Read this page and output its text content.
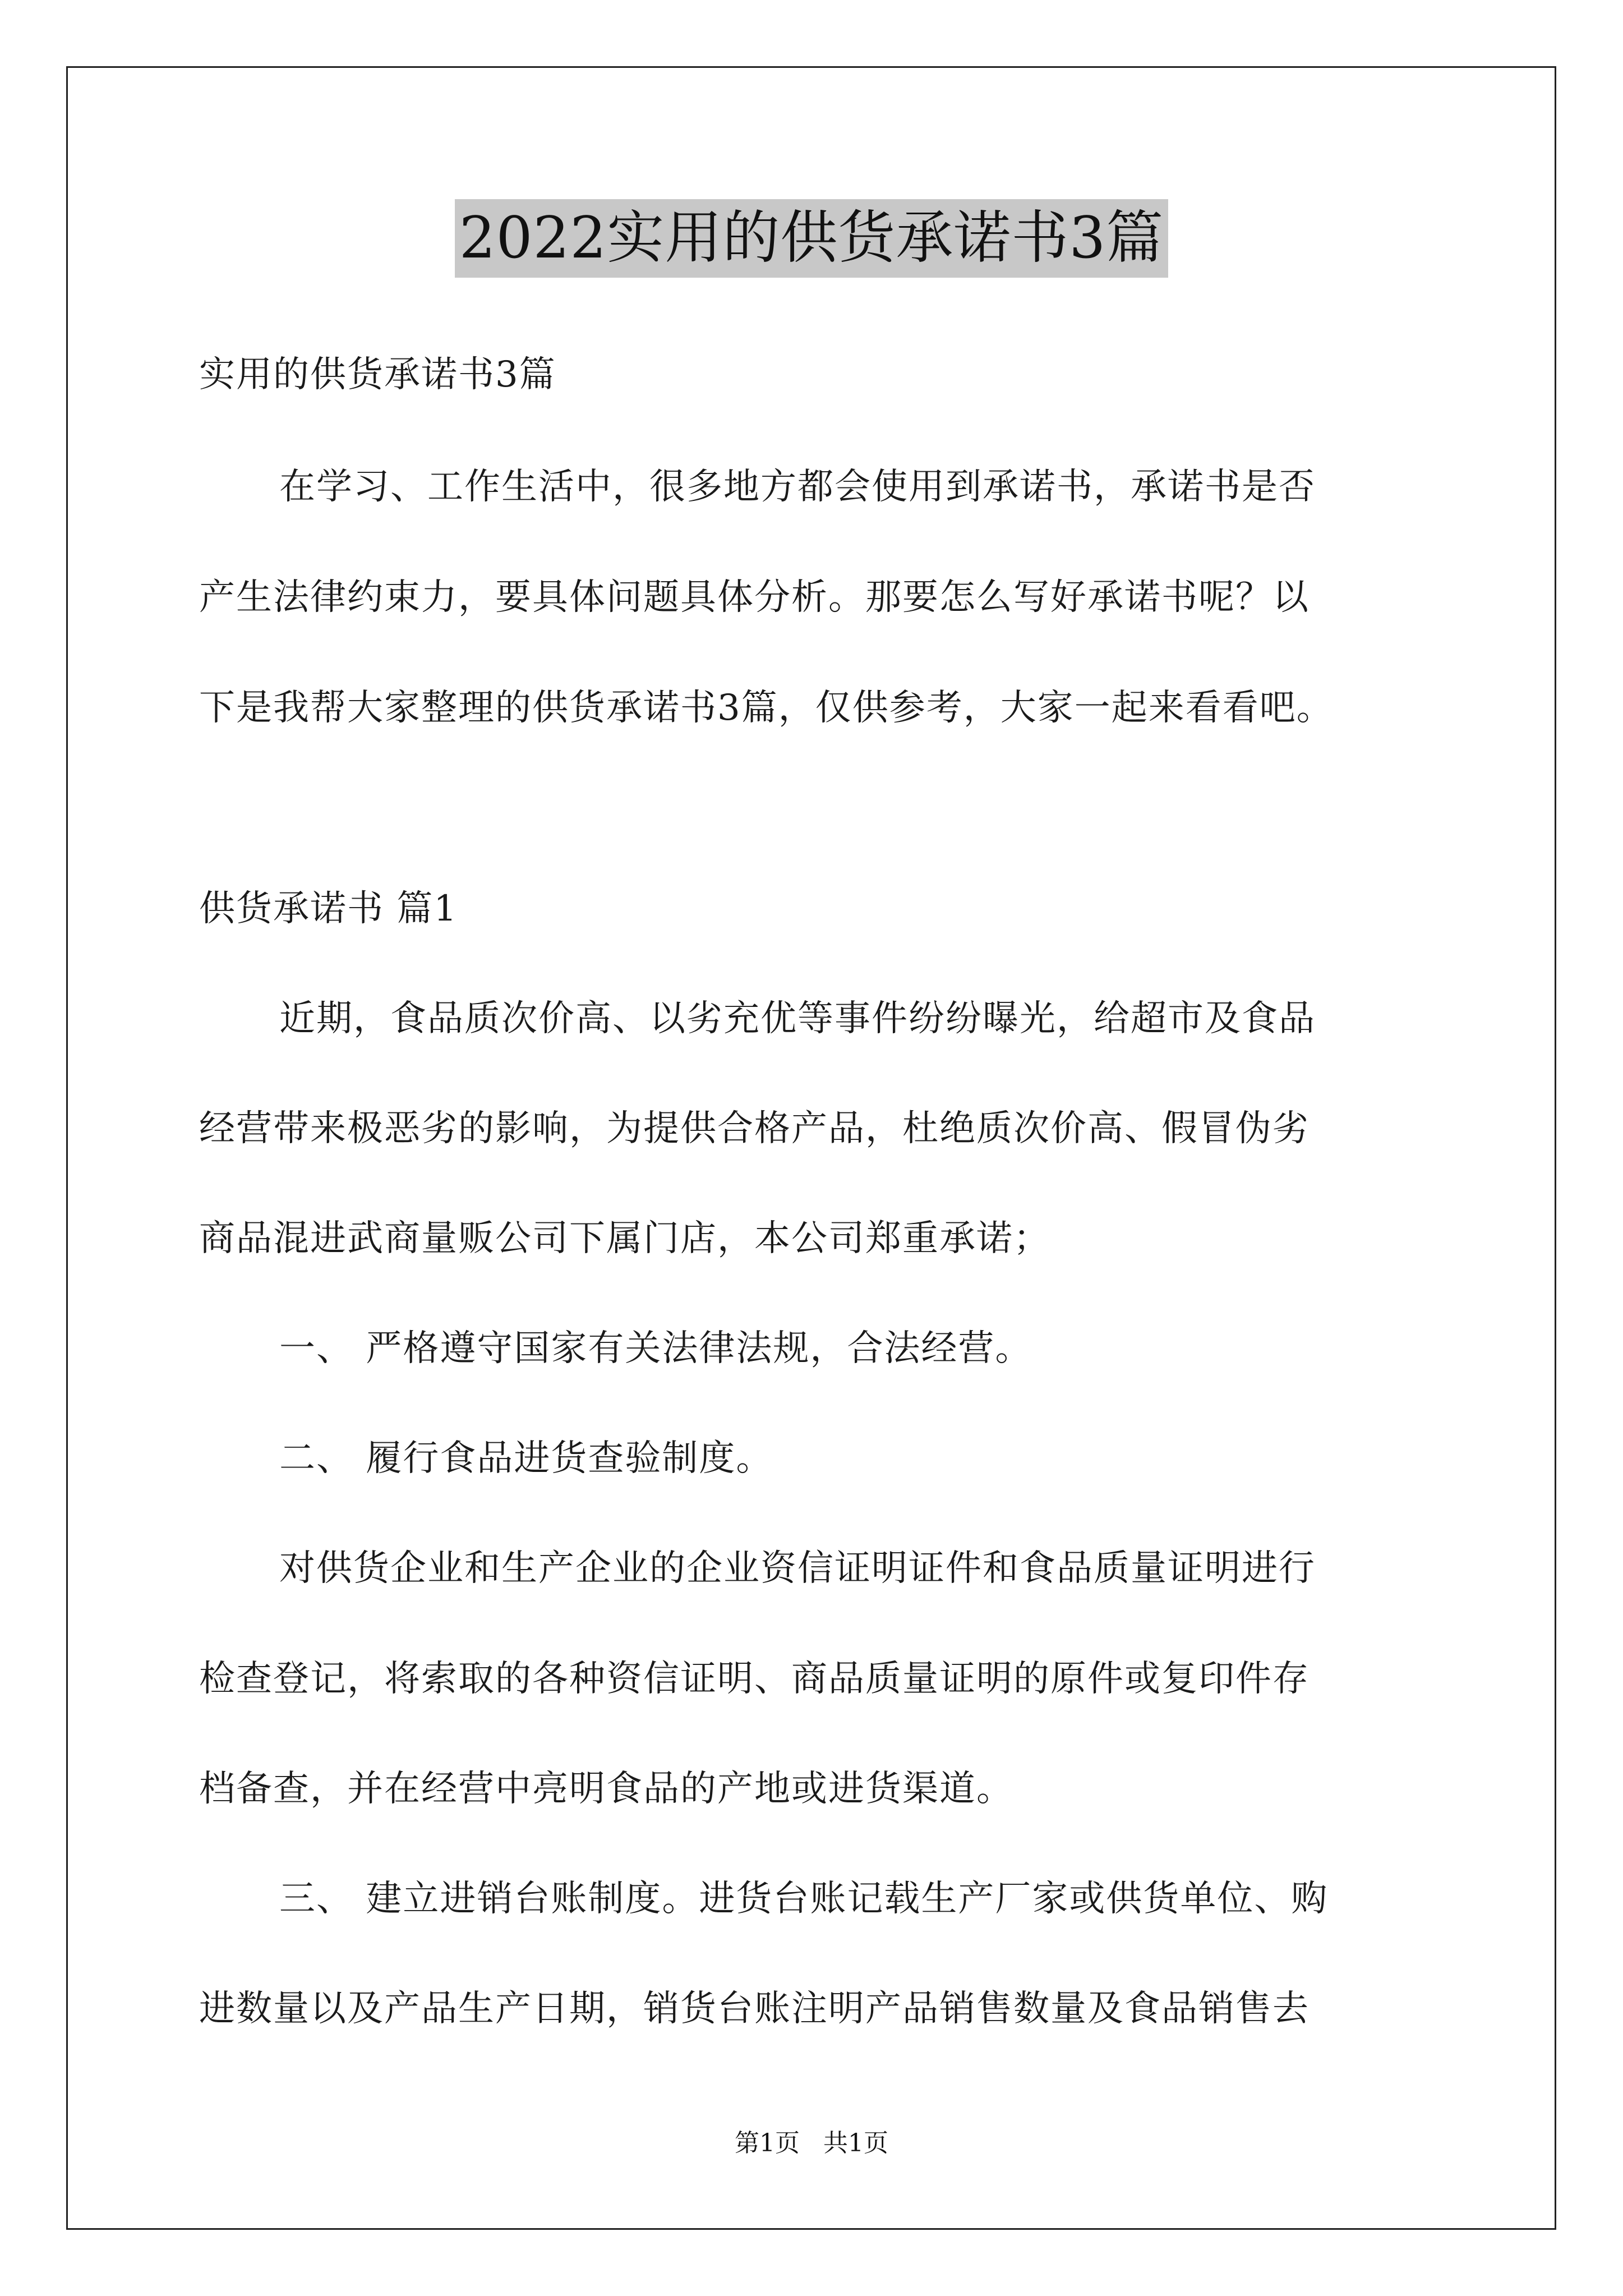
2022实用的供货承诺书3篇
实用的供货承诺书3篇
在学习、工作生活中，很多地方都会使用到承诺书，承诺书是否
产生法律约束力，要具体问题具体分析。那要怎么写好承诺书呢？以
下是我帮大家整理的供货承诺书3篇，仅供参考，大家一起来看看吧。
供货承诺书 篇1
近期，食品质次价高、以劣充优等事件纷纷曝光，给超市及食品
经营带来极恶劣的影响，为提供合格产品，杜绝质次价高、假冒伪劣
商品混进武商量贩公司下属门店，本公司郑重承诺；
一、 严格遵守国家有关法律法规，合法经营。
二、 履行食品进货查验制度。
对供货企业和生产企业的企业资信证明证件和食品质量证明进行
检查登记，将索取的各种资信证明、商品质量证明的原件或复印件存
档备查，并在经营中亮明食品的产地或进货渠道。
三、 建立进销台账制度。进货台账记载生产厂家或供货单位、购
进数量以及产品生产日期，销货台账注明产品销售数量及食品销售去
第1页 共1页
